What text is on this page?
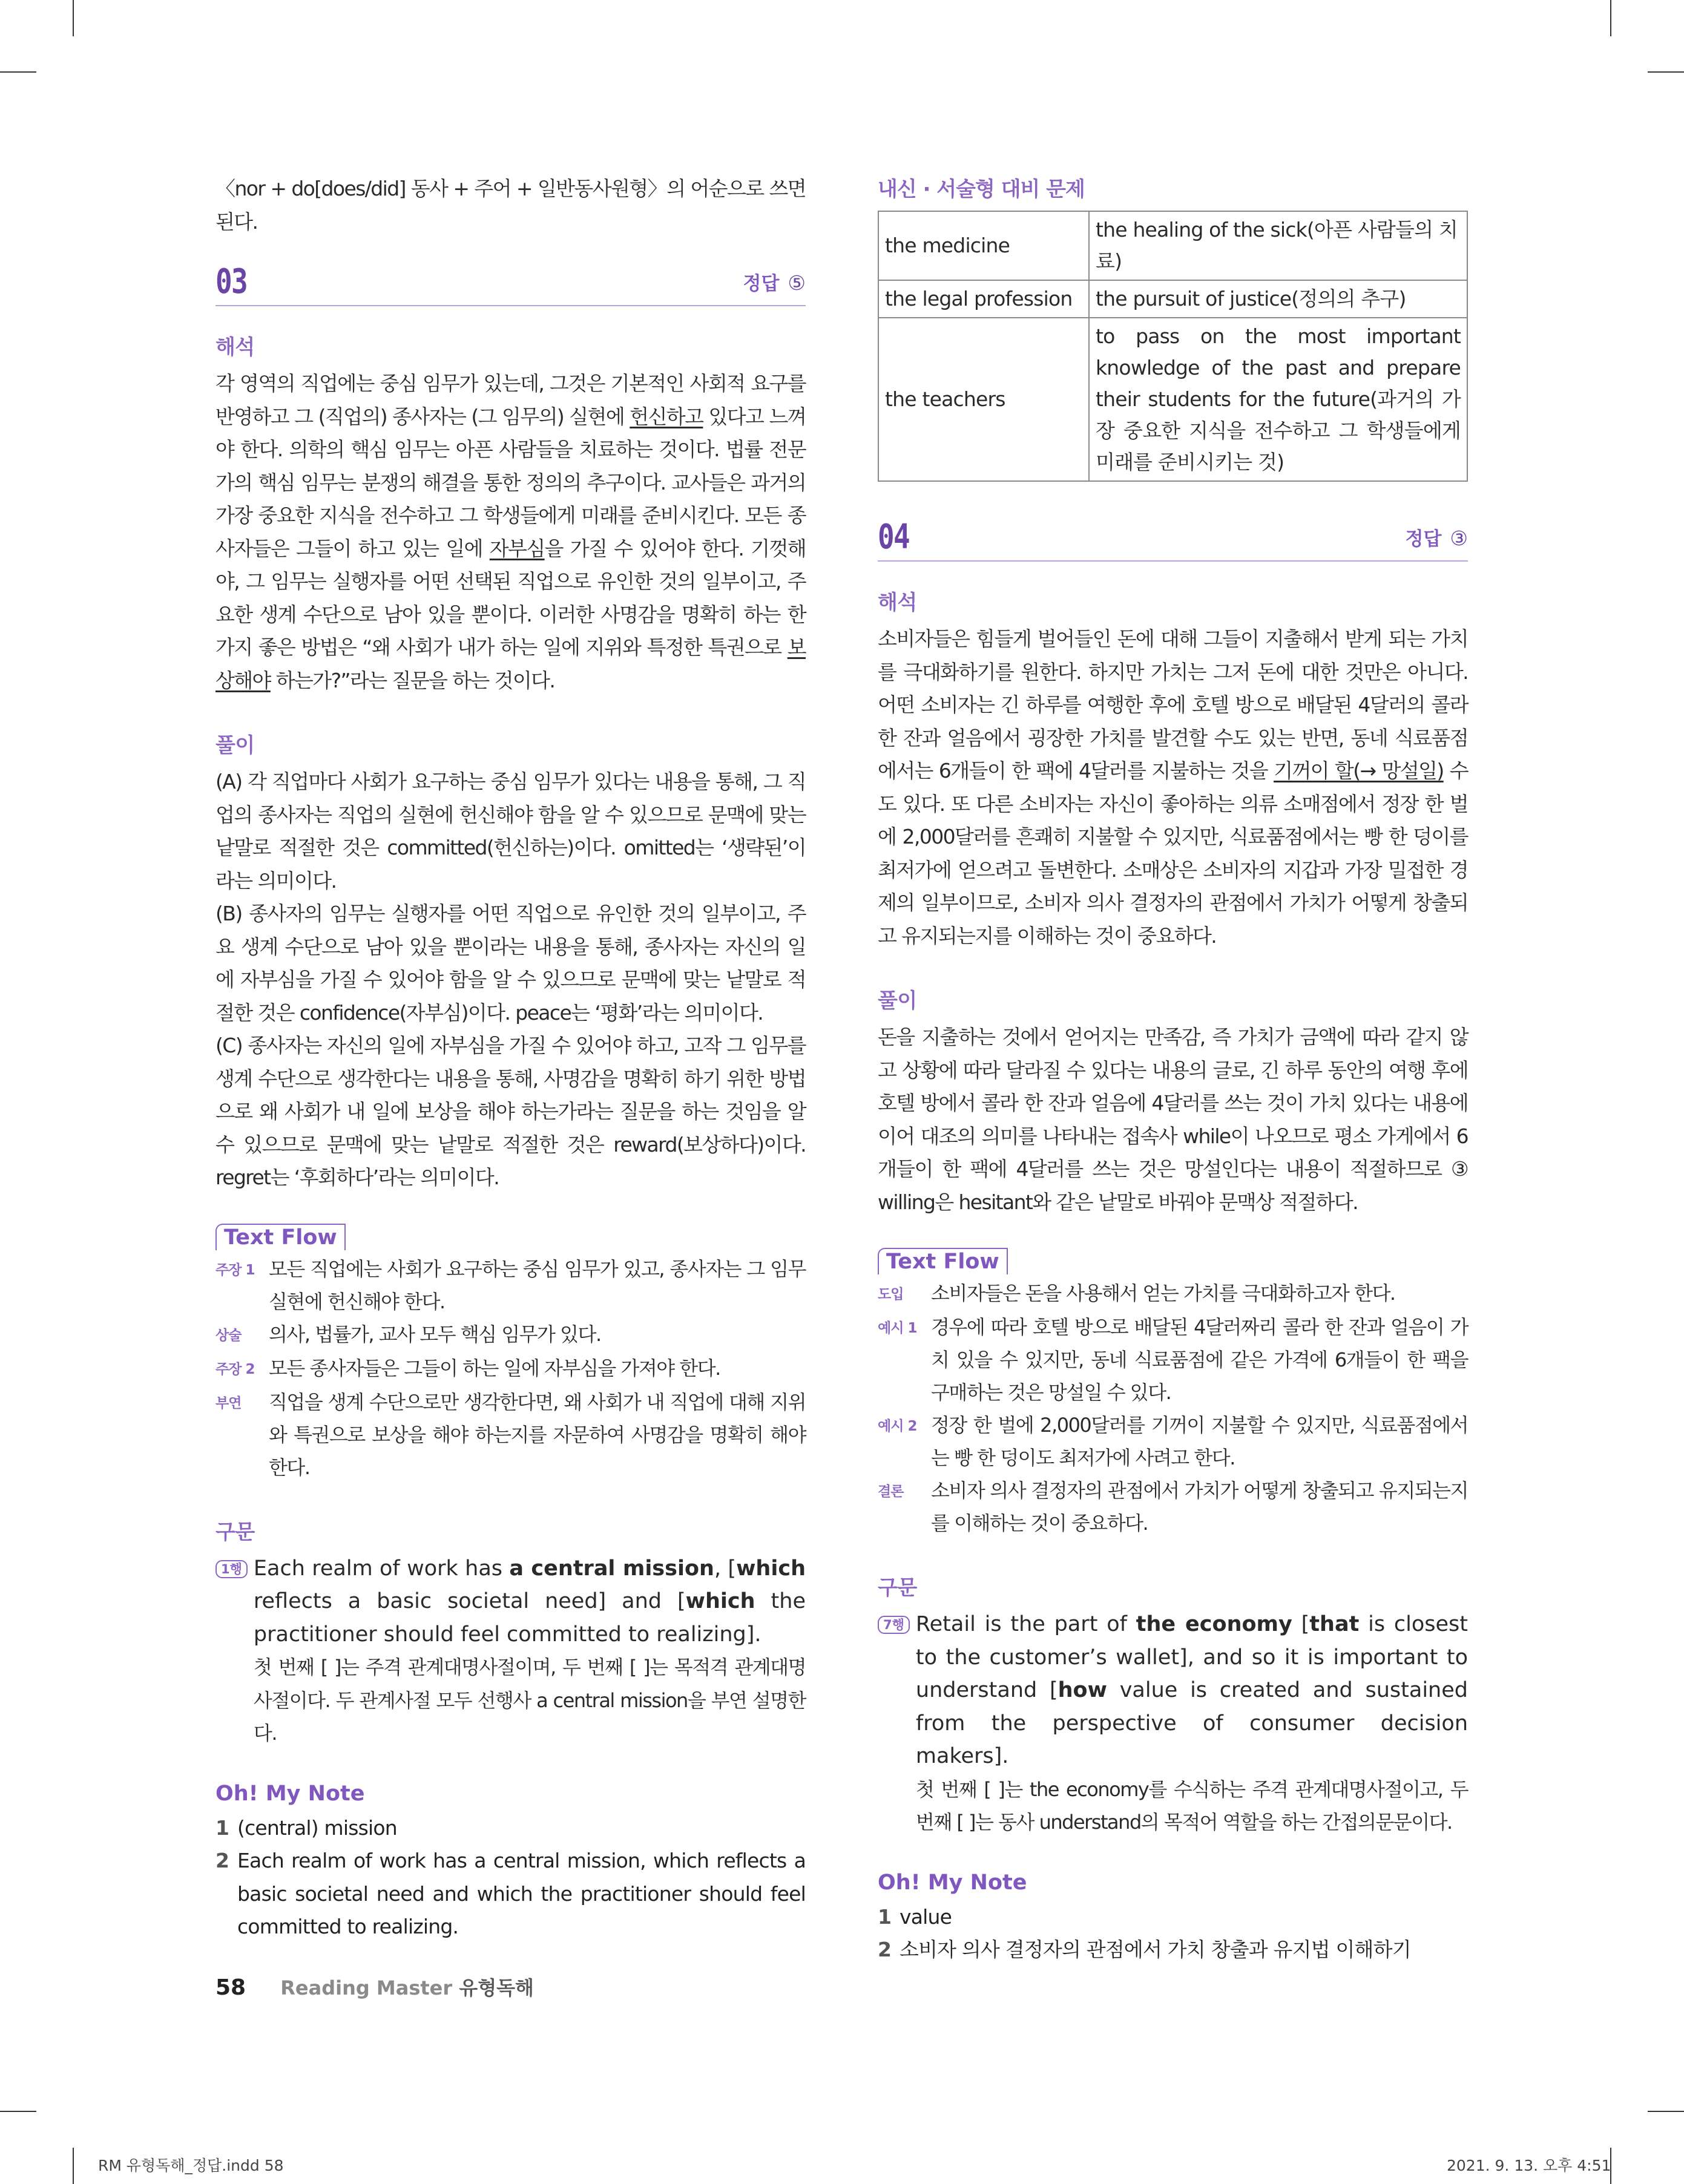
〈nor + do[does/did] 동사 + 주어 + 일반동사원형〉의 어순으로 쓰면 된다.

03	정답 ⑤
해석

각 영역의 직업에는 중심 임무가 있는데, 그것은 기본적인 사회적 요구를 반영하고 그 (직업의) 종사자는 (그 임무의) 실현에 헌신하고 있다고 느껴야 한다. 의학의 핵심 임무는 아픈 사람들을 치료하는 것이다. 법률 전문가의 핵심 임무는 분쟁의 해결을 통한 정의의 추구이다. 교사들은 과거의 가장 중요한 지식을 전수하고 그 학생들에게 미래를 준비시킨다. 모든 종사자들은 그들이 하고 있는 일에 자부심을 가질 수 있어야 한다. 기껏해야, 그 임무는 실행자를 어떤 선택된 직업으로 유인한 것의 일부이고, 주요한 생계 수단으로 남아 있을 뿐이다. 이러한 사명감을 명확히 하는 한 가지 좋은 방법은 “왜 사회가 내가 하는 일에 지위와 특정한 특권으로 보상해야 하는가?”라는 질문을 하는 것이다.

풀이

(A) 각 직업마다 사회가 요구하는 중심 임무가 있다는 내용을 통해, 그 직업의 종사자는 직업의 실현에 헌신해야 함을 알 수 있으므로 문맥에 맞는 낱말로 적절한 것은 committed(헌신하는)이다. omitted는 ‘생략된’이라는 의미이다.

(B) 종사자의 임무는 실행자를 어떤 직업으로 유인한 것의 일부이고, 주요 생계 수단으로 남아 있을 뿐이라는 내용을 통해, 종사자는 자신의 일에 자부심을 가질 수 있어야 함을 알 수 있으므로 문맥에 맞는 낱말로 적절한 것은 confidence(자부심)이다. peace는 ‘평화’라는 의미이다.

(C) 종사자는 자신의 일에 자부심을 가질 수 있어야 하고, 고작 그 임무를 생계 수단으로 생각한다는 내용을 통해, 사명감을 명확히 하기 위한 방법으로 왜 사회가 내 일에 보상을 해야 하는가라는 질문을 하는 것임을 알 수 있으므로 문맥에 맞는 낱말로 적절한 것은 reward(보상하다)이다. regret는 ‘후회하다’라는 의미이다.

Text Flow
주장 1 모든 직업에는 사회가 요구하는 중심 임무가 있고, 종사자는 그 임무 실현에 헌신해야 한다.
상술	의사, 법률가, 교사 모두 핵심 임무가 있다.
주장 2 모든 종사자들은 그들이 하는 일에 자부심을 가져야 한다.
부연	직업을 생계 수단으로만 생각한다면, 왜 사회가 내 직업에 대해 지위와 특권으로 보상을 해야 하는지를 자문하여 사명감을 명확히 해야 한다.
구문
1행 Each realm of work has a central mission, [which reflects a basic societal need] and [which the practitioner should feel committed to realizing].
첫 번째 [ ]는 주격 관계대명사절이며, 두 번째 [ ]는 목적격 관계대명사절이다. 두 관계사절 모두 선행사 a central mission을 부연 설명한다.
Oh! My Note
1 (central) mission
2 Each realm of work has a central mission, which reflects a basic societal need and which the practitioner should feel committed to realizing.
내신 · 서술형 대비 문제
the medicine	the healing of the sick(아픈 사람들의 치료)
the legal profession	the pursuit of justice(정의의 추구)
the teachers	to pass on the most important knowledge of the past and prepare their students for the future(과거의 가장 중요한 지식을 전수하고 그 학생들에게 미래를 준비시키는 것)
04	정답 ③
해석

소비자들은 힘들게 벌어들인 돈에 대해 그들이 지출해서 받게 되는 가치를 극대화하기를 원한다. 하지만 가치는 그저 돈에 대한 것만은 아니다. 어떤 소비자는 긴 하루를 여행한 후에 호텔 방으로 배달된 4달러의 콜라 한 잔과 얼음에서 굉장한 가치를 발견할 수도 있는 반면, 동네 식료품점에서는 6개들이 한 팩에 4달러를 지불하는 것을 기꺼이 할(→ 망설일) 수도 있다. 또 다른 소비자는 자신이 좋아하는 의류 소매점에서 정장 한 벌에 2,000달러를 흔쾌히 지불할 수 있지만, 식료품점에서는 빵 한 덩이를 최저가에 얻으려고 돌변한다. 소매상은 소비자의 지갑과 가장 밀접한 경제의 일부이므로, 소비자 의사 결정자의 관점에서 가치가 어떻게 창출되고 유지되는지를 이해하는 것이 중요하다.

풀이

돈을 지출하는 것에서 얻어지는 만족감, 즉 가치가 금액에 따라 같지 않고 상황에 따라 달라질 수 있다는 내용의 글로, 긴 하루 동안의 여행 후에 호텔 방에서 콜라 한 잔과 얼음에 4달러를 쓰는 것이 가치 있다는 내용에 이어 대조의 의미를 나타내는 접속사 while이 나오므로 평소 가게에서 6개들이 한 팩에 4달러를 쓰는 것은 망설인다는 내용이 적절하므로 ③ willing은 hesitant와 같은 낱말로 바꿔야 문맥상 적절하다.

Text Flow
도입	소비자들은 돈을 사용해서 얻는 가치를 극대화하고자 한다.
예시 1 경우에 따라 호텔 방으로 배달된 4달러짜리 콜라 한 잔과 얼음이 가치 있을 수 있지만, 동네 식료품점에 같은 가격에 6개들이 한 팩을 구매하는 것은 망설일 수 있다.
예시 2 정장 한 벌에 2,000달러를 기꺼이 지불할 수 있지만, 식료품점에서는 빵 한 덩이도 최저가에 사려고 한다.
결론	소비자 의사 결정자의 관점에서 가치가 어떻게 창출되고 유지되는지를 이해하는 것이 중요하다.
구문
7행 Retail is the part of the economy [that is closest to the customer’s wallet], and so it is important to understand [how value is created and sustained from the perspective of consumer decision makers].
첫 번째 [ ]는 the economy를 수식하는 주격 관계대명사절이고, 두 번째 [ ]는 동사 understand의 목적어 역할을 하는 간접의문문이다.
Oh! My Note
1 value
2 소비자 의사 결정자의 관점에서 가치 창출과 유지법 이해하기
58 Reading Master 유형독해
RM 유형독해_정답.indd 58	2021. 9. 13. 오후 4:51
